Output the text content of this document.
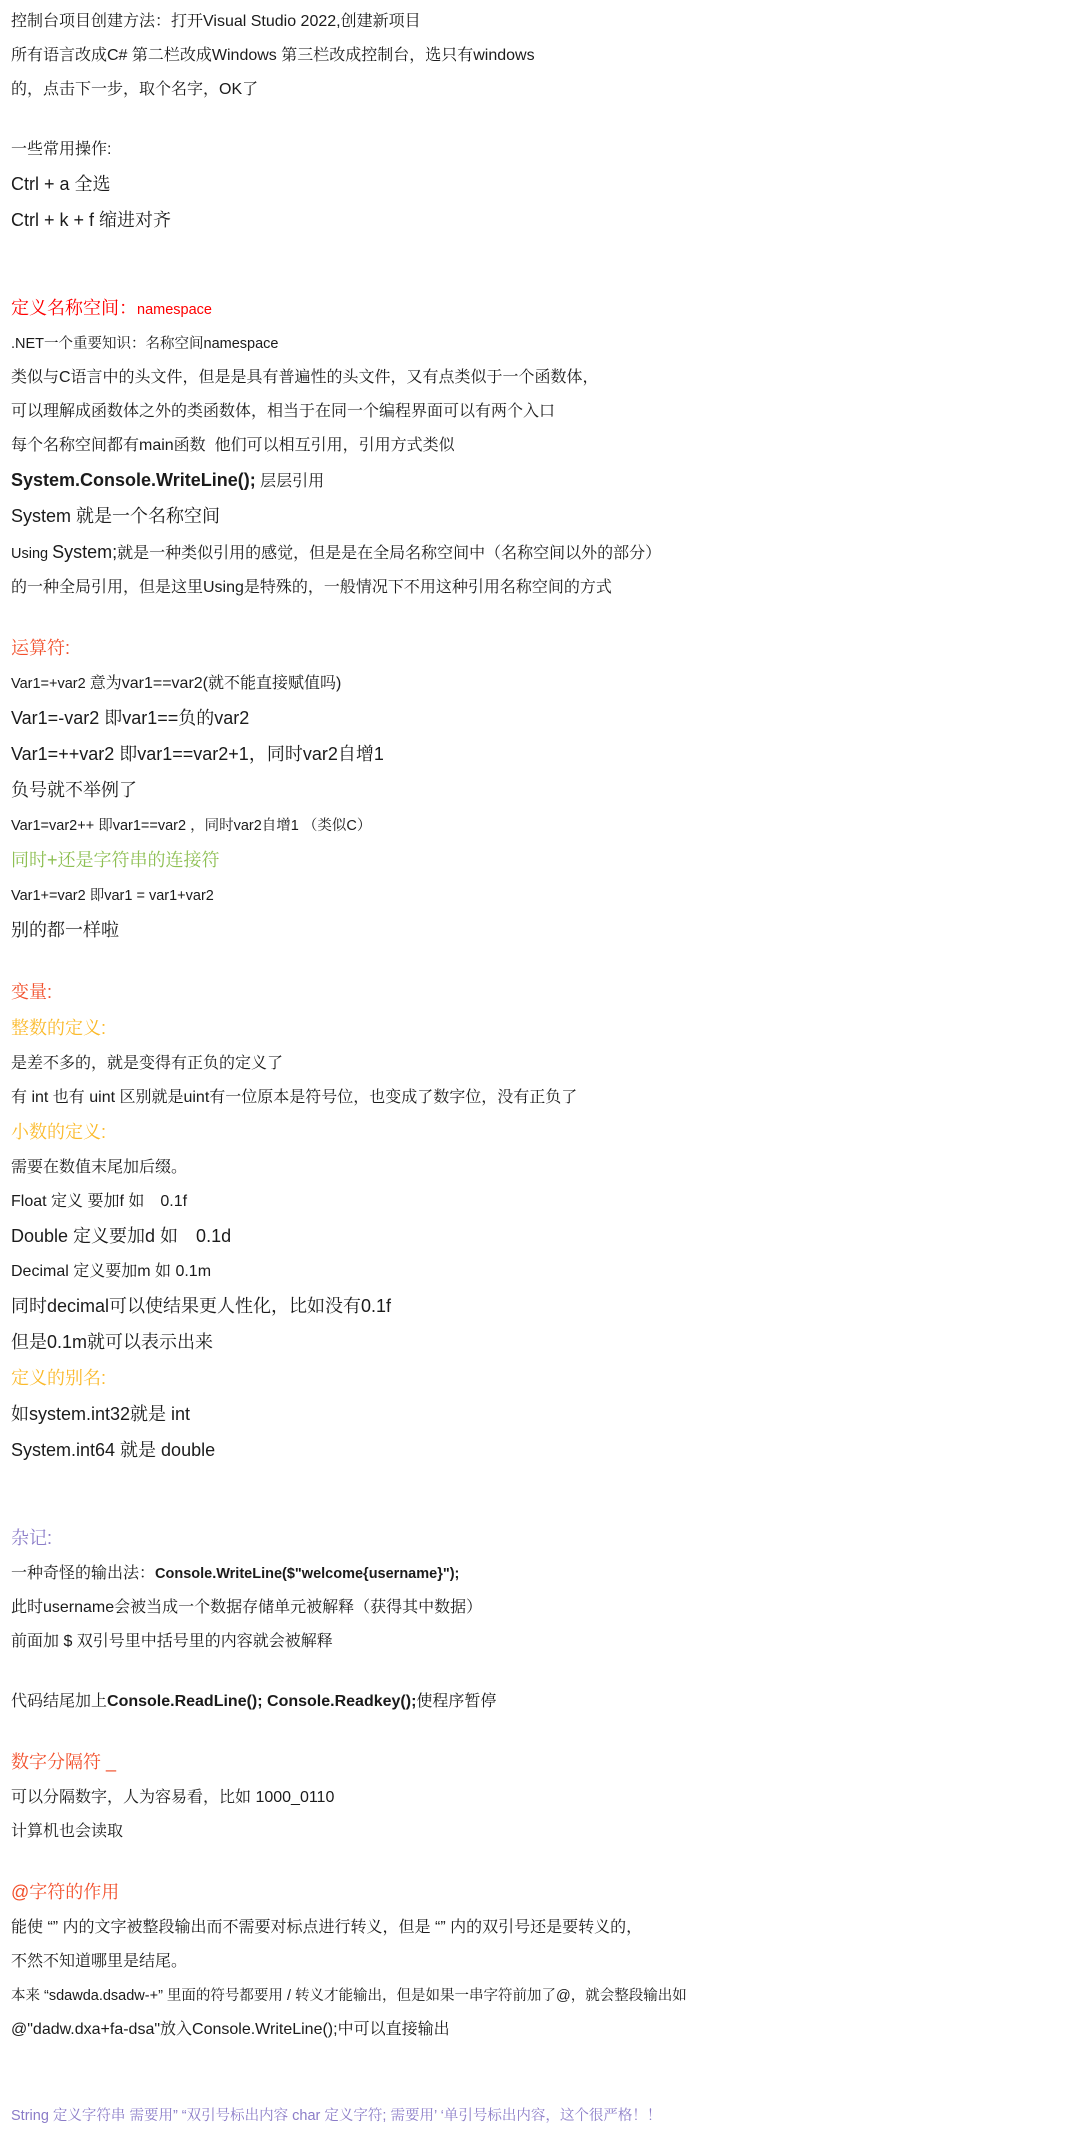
控制台项目创建方法：打开Visual Studio 2022,创建新项目

所有语言改成C# 第二栏改成Windows 第三栏改成控制台，选只有windows

的，点击下一步，取个名字，OK了

一些常用操作:

Ctrl + a 全选

Ctrl + k + f 缩进对齐

定义名称空间：namespace

.NET一个重要知识：名称空间namespace

类似与C语言中的头文件，但是是具有普遍性的头文件，又有点类似于一个函数体，

可以理解成函数体之外的类函数体，相当于在同一个编程界面可以有两个入口

每个名称空间都有main函数  他们可以相互引用，引用方式类似

System.Console.WriteLine(); 层层引用

System 就是一个名称空间

Using System;就是一种类似引用的感觉，但是是在全局名称空间中（名称空间以外的部分）

的一种全局引用，但是这里Using是特殊的，一般情况下不用这种引用名称空间的方式

运算符:

Var1=+var2 意为var1==var2(就不能直接赋值吗)

Var1=-var2 即var1==负的var2

Var1=++var2 即var1==var2+1，同时var2自增1

负号就不举例了

Var1=var2++ 即var1==var2 ，同时var2自增1 （类似C）

同时+还是字符串的连接符

Var1+=var2 即var1 = var1+var2

别的都一样啦

变量:

整数的定义:

是差不多的，就是变得有正负的定义了

有 int 也有 uint 区别就是uint有一位原本是符号位，也变成了数字位，没有正负了

小数的定义:

需要在数值末尾加后缀。

Float 定义 要加f 如　0.1f

Double 定义要加d 如　0.1d

Decimal 定义要加m 如 0.1m

同时decimal可以使结果更人性化，比如没有0.1f

但是0.1m就可以表示出来

定义的别名:

如system.int32就是 int

System.int64 就是 double

杂记:

一种奇怪的输出法：Console.WriteLine($"welcome{username}");

此时username会被当成一个数据存储单元被解释（获得其中数据）

前面加 $ 双引号里中括号里的内容就会被解释

代码结尾加上Console.ReadLine(); Console.Readkey();使程序暂停

数字分隔符 _

可以分隔数字，人为容易看，比如 1000_0110

计算机也会读取

@字符的作用

能使 “” 内的文字被整段输出而不需要对标点进行转义，但是 “” 内的双引号还是要转义的，

不然不知道哪里是结尾。

本来 “sdawda.dsadw-+” 里面的符号都要用 / 转义才能输出，但是如果一串字符前加了@，就会整段输出如

@"dadw.dxa+fa-dsa"放入Console.WriteLine();中可以直接输出

String 定义字符串 需要用” “双引号标出内容 char 定义字符; 需要用’ ‘单引号标出内容，这个很严格！！
